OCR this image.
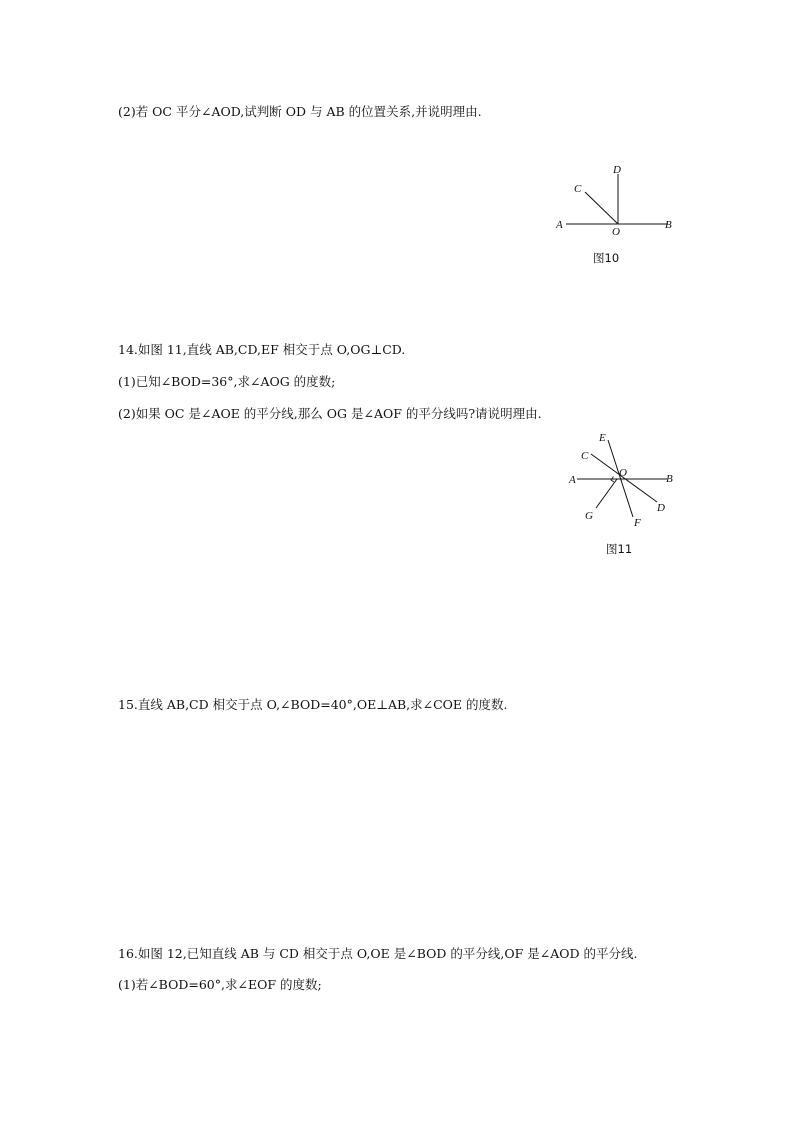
(2)若 OC 平分∠AOD,试判断 OD 与 AB 的位置关系,并说明理由.
A	B
C
D
O
图10
14.如图 11,直线 AB,CD,EF 相交于点 O,OG⊥CD.
(1)已知∠BOD=36°,求∠AOG 的度数;
(2)如果 OC 是∠AOE 的平分线,那么 OG 是∠AOF 的平分线吗?请说明理由.
A	B
C
D
E
F
G
O
图11
15.直线 AB,CD 相交于点 O,∠BOD=40°,OE⊥AB,求∠COE 的度数.
16.如图 12,已知直线 AB 与 CD 相交于点 O,OE 是∠BOD 的平分线,OF 是∠AOD 的平分线.
(1)若∠BOD=60°,求∠EOF 的度数;
